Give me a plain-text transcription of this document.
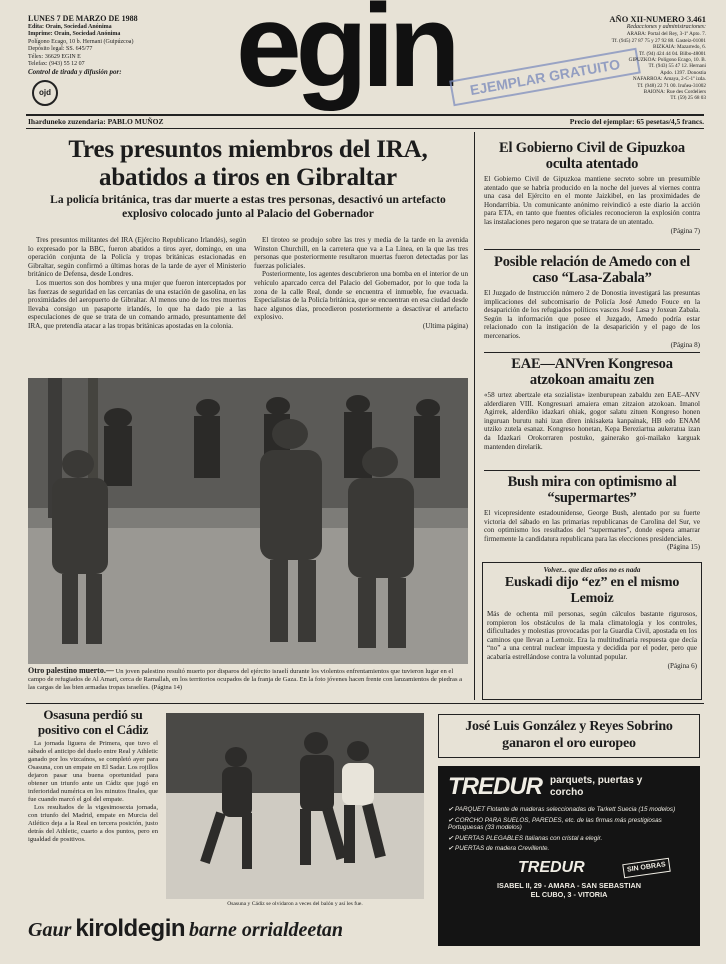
LUNES 7 DE MARZO DE 1988
Edita: Orain, Sociedad Anónima
Imprime: Orain, Sociedad Anónima
Polígono Ecago, 10 b. Hernani (Guipúzcoa)
Depósito legal: SS. 645/77
Télex: 36629 EGIN E
Telefax: (943) 55 12 07
Control de tirada y difusión por:
ojd egin	EJEMPLAR GRATUITO
AÑO XII-NUMERO 3.461
Redacciones y administraciones:
ARABA: Portal del Rey, 3-1º Apto. 7.
Tf. (945) 27 87 75 y 27 92 88. Gasteiz-01001
BIZKAIA: Mazarredo, 6.
Tf. (94) 424 44 04. Bilbo-48001
GIPUZKOA: Polígono Ecago, 10. B.
Tf. (943) 55 47 12. Hernani
Apdo. 1397. Donostia
NAFARROA: Amaya, 2-C-1º izda.
Tf. (948) 22 71 00. Iruñea-31002
BAIONA: Rue des Cordeliers
Tf. (59) 25 68 03
Iharduneko zuzendaria: PABLO MUÑOZ	Precio del ejemplar: 65 pesetas/4,5 francs.
Tres presuntos miembros del IRA, abatidos a tiros en Gibraltar
La policía británica, tras dar muerte a estas tres personas, desactivó un artefacto explosivo colocado junto al Palacio del Gobernador

Tres presuntos militantes del IRA (Ejército Republicano Irlandés), según lo expresado por la BBC, fueron abatidos a tiros ayer, domingo, en una operación conjunta de la Policía y tropas británicas estacionadas en Gibraltar, según confirmó a últimas horas de la tarde de ayer el Ministerio británico de Defensa, desde Londres.

Los muertos son dos hombres y una mujer que fueron interceptados por las fuerzas de seguridad en las cercanías de una estación de gasolina, en las proximidades del aeropuerto de Gibraltar. Al menos uno de los tres muertos llevaba consigo un pasaporte irlandés, lo que ha dado pie a las especulaciones de que se trata de un comando armado, presuntamente del IRA, que pretendía atacar a las tropas británicas apostadas en la colonia.

El tiroteo se produjo sobre las tres y media de la tarde en la avenida Winston Churchill, en la carretera que va a La Línea, en la que las tres personas que posteriormente resultaron muertas fueron detectadas por las fuerzas policiales.

Posteriormente, los agentes descubrieron una bomba en el interior de un vehículo aparcado cerca del Palacio del Gobernador, por lo que toda la zona de la calle Real, donde se encuentra el inmueble, fue evacuada. Especialistas de la Policía británica, que se encuentran en esa ciudad desde hace algunos días, procedieron posteriormente a desactivar el artefacto explosivo.

(Ultima página)

Otro palestino muerto.— Un joven palestino resultó muerto por disparos del ejército israelí durante los violentos enfrentamientos que tuvieron lugar en el campo de refugiados de Al Amari, cerca de Ramallah, en los territorios ocupados de la franja de Gaza. En la foto jóvenes hacen frente con lanzamientos de piedras a las cargas de las bien armadas tropas israelíes. (Página 14)
El Gobierno Civil de Gipuzkoa oculta atentado
El Gobierno Civil de Gipuzkoa mantiene secreto sobre un presumible atentado que se habría producido en la noche del jueves al viernes contra una casa del Ejército en el monte Jaizkibel, en las proximidades de Hondarribia. Un comunicante anónimo reivindicó a este diario la acción para ETA, en tanto que fuentes oficiales reconocieron la explosión contra las instalaciones pero negaron que se tratara de un atentado.
(Página 7)
Posible relación de Amedo con el caso “Lasa-Zabala”
El Juzgado de Instrucción número 2 de Donostia investigará las presuntas implicaciones del subcomisario de Policía José Amedo Fouce en la desaparición de los refugiados políticos vascos José Lasa y Joxean Zabala. Según la información que posee el Juzgado, Amedo podría estar relacionado con la instigación de la desaparición y el pago de los mercenarios.
(Página 8)
EAE—ANVren Kongresoa atzokoan amaitu zen
«58 urtez abertzale eta sozialista» izenburupean zabaldu zen EAE–ANV alderdiaren VIII. Kongresuari amaiera eman zitzaion atzokoan. Imanol Agirrek, alderdiko idazkari ohiak, gogor salatu zituen Kongreso honen inguruan burutu nahi izan diren inkisaketa kanpainak, HB edo ENAM utziko zutela esanaz. Kongreso honetan, Kepa Bereziartua aukeratua izan da Idazkari Orokorraren postuko, gainerako goi-mailako karguak mantenden direlarik.
Bush mira con optimismo al “supermartes”
El vicepresidente estadounidense, George Bush, alentado por su fuerte victoria del sábado en las primarias republicanas de Carolina del Sur, ve con optimismo los resultados del “supermartes”, donde espera amarrar firmemente la candidatura republicana para las elecciones presidenciales.
(Página 15)
Volver... que diez años no es nada
Euskadi dijo “ez” en el mismo Lemoiz
Más de ochenta mil personas, según cálculos bastante rigurosos, rompieron los obstáculos de la mala climatología y los controles, dificultades y molestias provocadas por la Guardia Civil, apostada en los caminos que llevan a Lemoiz. Era la multitudinaria respuesta que decía “no” a una central nuclear impuesta y decidida por el poder, pero que acabaría estrellándose contra la voluntad popular.
(Página 6)
Osasuna perdió su positivo con el Cádiz
La jornada liguera de Primera, que tuvo el sábado el anticipo del duelo entre Real y Athletic ganado por los vizcaínos, se completó ayer para Osasuna, con un empate en El Sadar. Los rojillos dejaron pasar una buena oportunidad para obtener un triunfo ante un Cádiz que jugó en inferioridad numérica en los minutos finales, que fue cuando marcó el gol del empate.
Los resultados de la vigesimosexta jornada, con triunfo del Madrid, empate en Murcia del Atlético deja a la Real en tercera posición, justo detrás del Athletic, cuarto a dos puntos, pero en igualdad de positivos.
Osasuna y Cádiz se olvidaron a veces del balón y así les fue.
Gaur kiroldegin barne orrialdeetan
José Luis González y Reyes Sobrino ganaron el oro europeo
TREDUR parquets, puertas y corcho
✔ PARQUET Flotante de maderas seleccionadas de Tarkett Suecia (15 modelos)
✔ CORCHO PARA SUELOS, PAREDES, etc. de las firmas más prestigiosas Portuguesas (33 modelos)
✔ PUERTAS PLEGABLES Italianas con cristal a elegir.
✔ PUERTAS de madera Crevillente.
TREDUR	SIN OBRAS
ISABEL II, 29 - AMARA - SAN SEBASTIAN
EL CUBO, 3 - VITORIA
